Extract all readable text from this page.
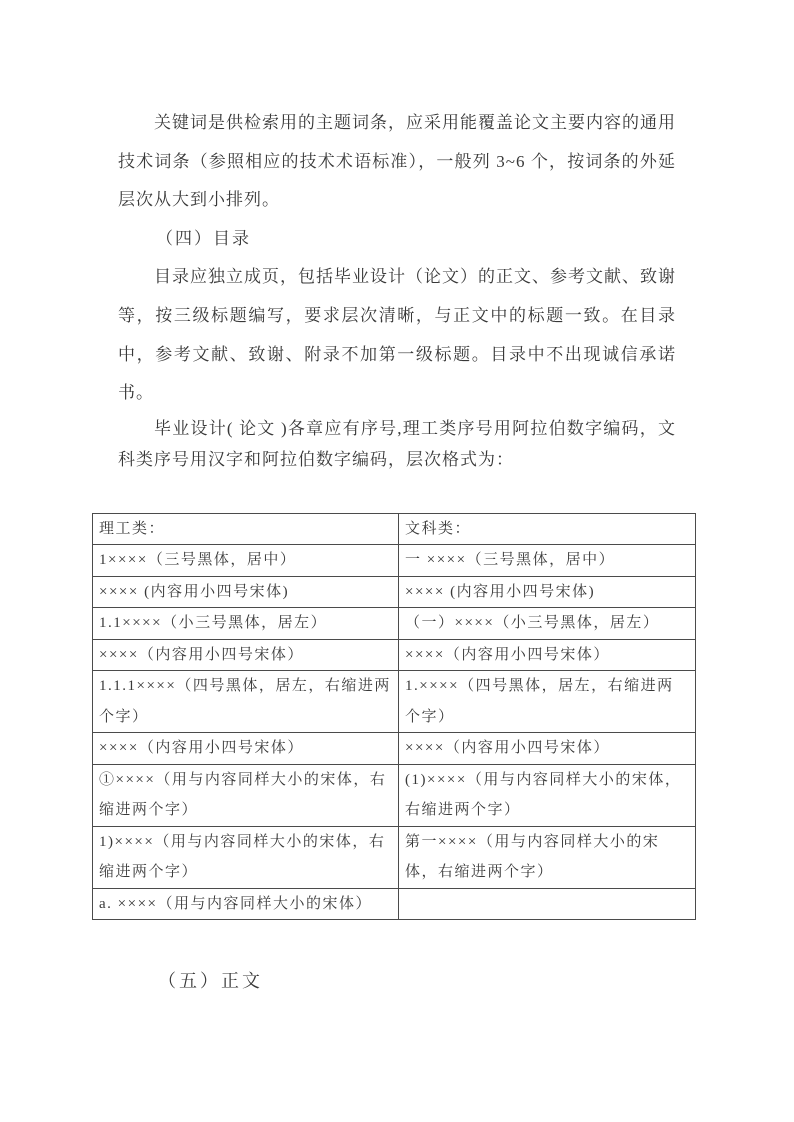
关键词是供检索用的主题词条，应采用能覆盖论文主要内容的通用技术词条（参照相应的技术术语标准），一般列 3~6 个，按词条的外延层次从大到小排列。

（四）目录

目录应独立成页，包括毕业设计（论文）的正文、参考文献、致谢等，按三级标题编写，要求层次清晰，与正文中的标题一致。在目录中，参考文献、致谢、附录不加第一级标题。目录中不出现诚信承诺书。

毕业设计( 论文 )各章应有序号,理工类序号用阿拉伯数字编码，文科类序号用汉字和阿拉伯数字编码，层次格式为：

理工类：	文科类：
1××××（三号黑体，居中）	一 ××××（三号黑体，居中）
×××× (内容用小四号宋体)	×××× (内容用小四号宋体)
1.1××××（小三号黑体，居左）	（一）××××（小三号黑体，居左）
××××（内容用小四号宋体）	××××（内容用小四号宋体）
1.1.1××××（四号黑体，居左，右缩进两个字）	1.××××（四号黑体，居左，右缩进两个字）
××××（内容用小四号宋体）	××××（内容用小四号宋体）
①××××（用与内容同样大小的宋体，右缩进两个字）	(1)××××（用与内容同样大小的宋体，右缩进两个字）
1)××××（用与内容同样大小的宋体，右缩进两个字）	第一××××（用与内容同样大小的宋体，右缩进两个字）
a. ××××（用与内容同样大小的宋体）	
（五）正文
